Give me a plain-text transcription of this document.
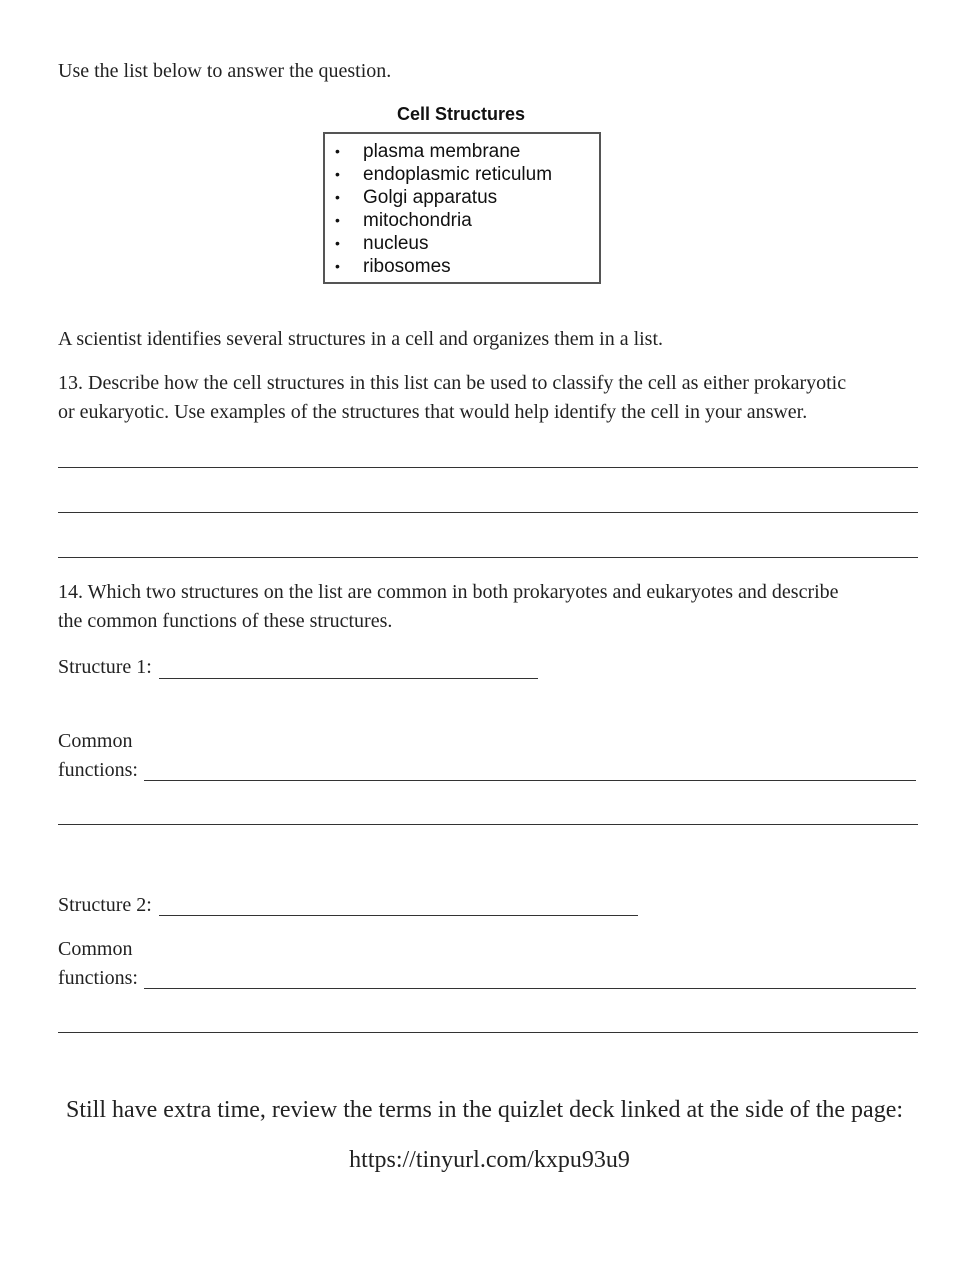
Use the list below to answer the question.
Cell Structures
• plasma membrane
• endoplasmic reticulum
• Golgi apparatus
• mitochondria
• nucleus
• ribosomes
A scientist identifies several structures in a cell and organizes them in a list.
13. Describe how the cell structures in this list can be used to classify the cell as either prokaryotic
or eukaryotic. Use examples of the structures that would help identify the cell in your answer.
14. Which two structures on the list are common in both prokaryotes and eukaryotes and describe
the common functions of these structures.
Structure 1:
Common
functions:
Structure 2:
Common
functions:
Still have extra time, review the terms in the quizlet deck linked at the side of the page:
https://tinyurl.com/kxpu93u9
